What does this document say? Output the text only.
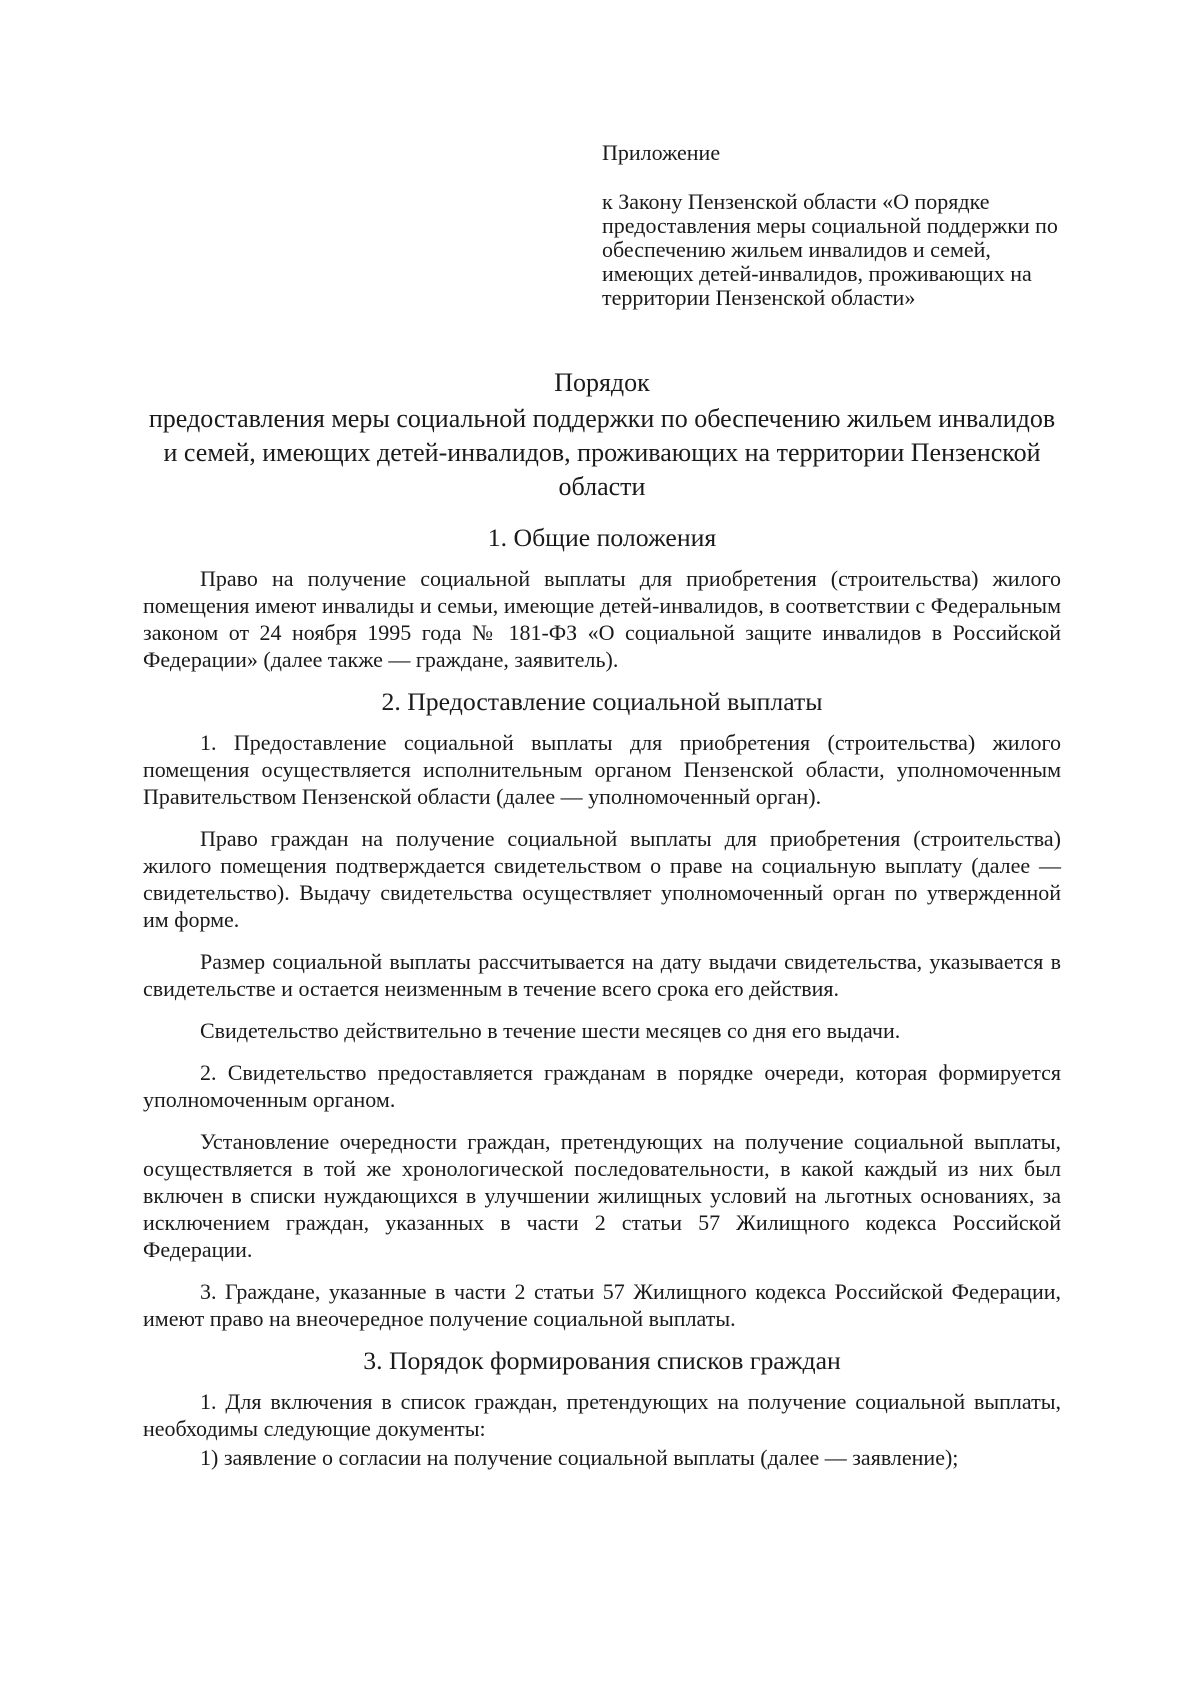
Приложение

к Закону Пензенской области «О порядке предоставления меры социальной поддержки по обеспечению жильем инвалидов и семей, имеющих детей-инвалидов, проживающих на территории Пензенской области»

Порядок
предоставления меры социальной поддержки по обеспечению жильем инвалидов и семей, имеющих детей-инвалидов, проживающих на территории Пензенской области
1. Общие положения

Право на получение социальной выплаты для приобретения (строительства) жилого помещения имеют инвалиды и семьи, имеющие детей-инвалидов, в соответствии с Федеральным законом от 24 ноября 1995 года № 181-ФЗ «О социальной защите инвалидов в Российской Федерации» (далее также — граждане, заявитель).

2. Предоставление социальной выплаты

1. Предоставление социальной выплаты для приобретения (строительства) жилого помещения осуществляется исполнительным органом Пензенской области, уполномоченным Правительством Пензенской области (далее — уполномоченный орган).

Право граждан на получение социальной выплаты для приобретения (строительства) жилого помещения подтверждается свидетельством о праве на социальную выплату (далее — свидетельство). Выдачу свидетельства осуществляет уполномоченный орган по утвержденной им форме.

Размер социальной выплаты рассчитывается на дату выдачи свидетельства, указывается в свидетельстве и остается неизменным в течение всего срока его действия.

Свидетельство действительно в течение шести месяцев со дня его выдачи.

2. Свидетельство предоставляется гражданам в порядке очереди, которая формируется уполномоченным органом.

Установление очередности граждан, претендующих на получение социальной выплаты, осуществляется в той же хронологической последовательности, в какой каждый из них был включен в списки нуждающихся в улучшении жилищных условий на льготных основаниях, за исключением граждан, указанных в части 2 статьи 57 Жилищного кодекса Российской Федерации.

3. Граждане, указанные в части 2 статьи 57 Жилищного кодекса Российской Федерации, имеют право на внеочередное получение социальной выплаты.

3. Порядок формирования списков граждан

1. Для включения в список граждан, претендующих на получение социальной выплаты, необходимы следующие документы:

1) заявление о согласии на получение социальной выплаты (далее — заявление);
